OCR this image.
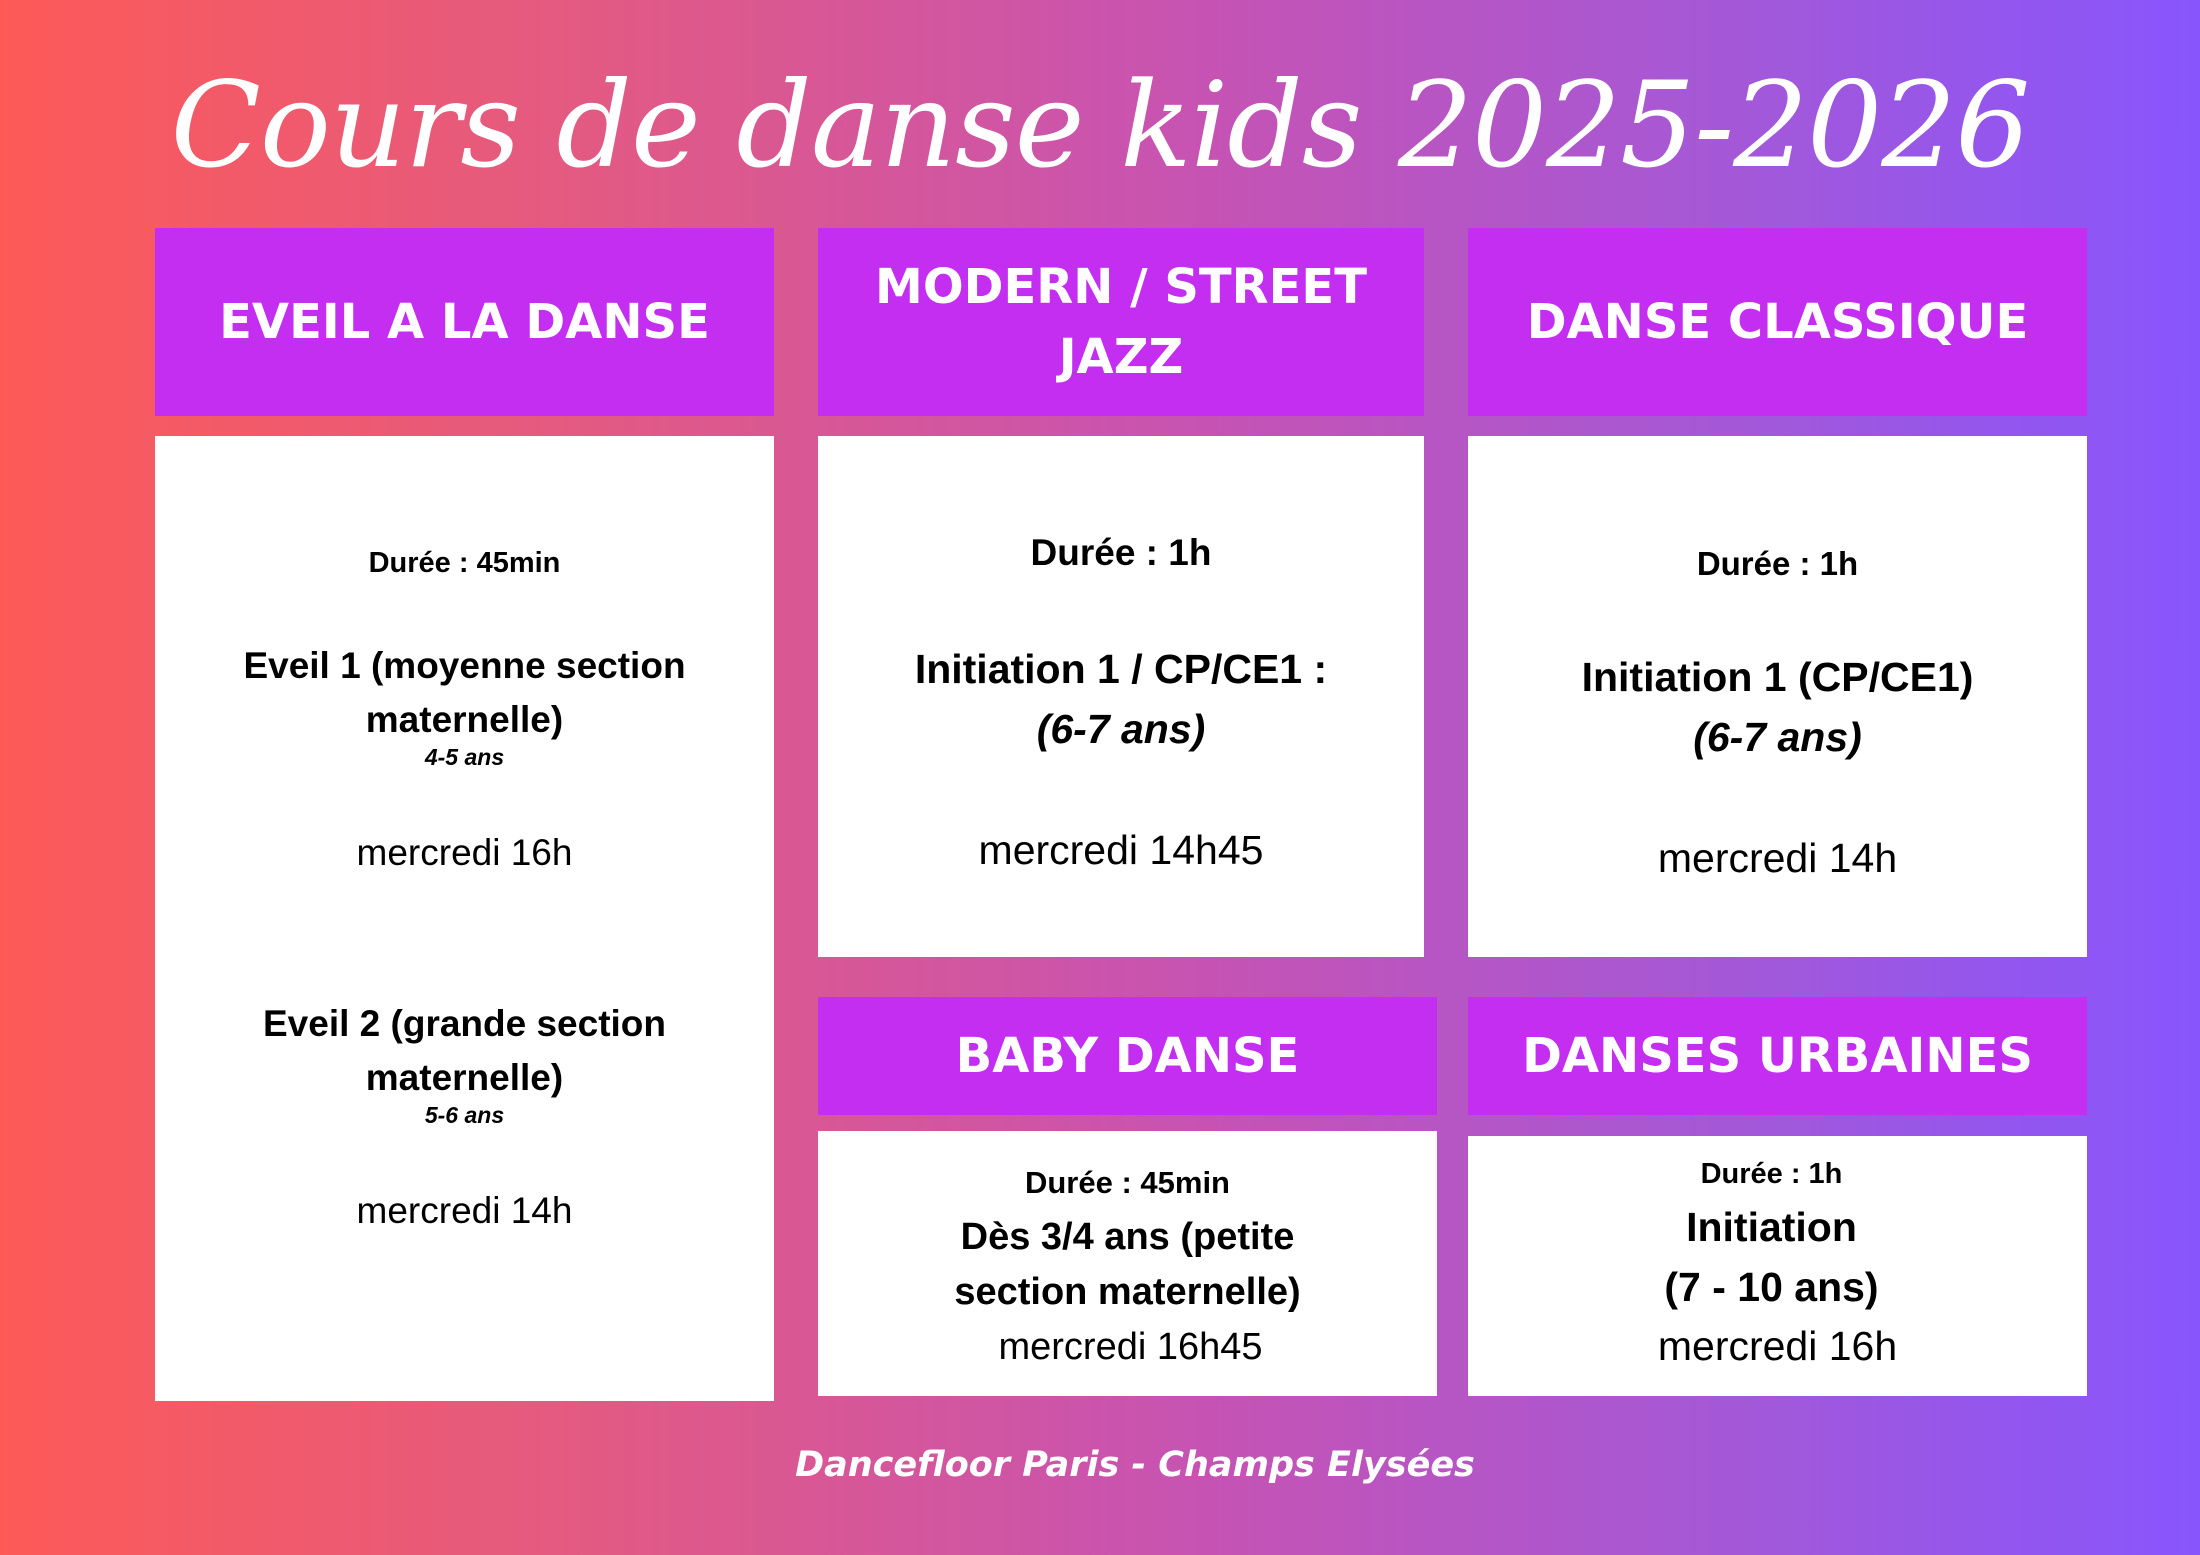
Cours de danse kids 2025-2026
EVEIL A LA DANSE
Durée : 45min
Eveil 1 (moyenne section
maternelle)
4-5 ans
mercredi 16h
Eveil 2 (grande section
maternelle)
5-6 ans
mercredi 14h
MODERN / STREET
JAZZ
Durée : 1h
Initiation 1 / CP/CE1 :
(6-7 ans)
mercredi 14h45
DANSE CLASSIQUE
Durée : 1h
Initiation 1 (CP/CE1)
(6-7 ans)
mercredi 14h
BABY DANSE
Durée : 45min
Dès 3/4 ans (petite
section maternelle)
mercredi 16h45
DANSES URBAINES
Durée : 1h
Initiation
(7 - 10 ans)
mercredi 16h
Dancefloor Paris - Champs Elysées
